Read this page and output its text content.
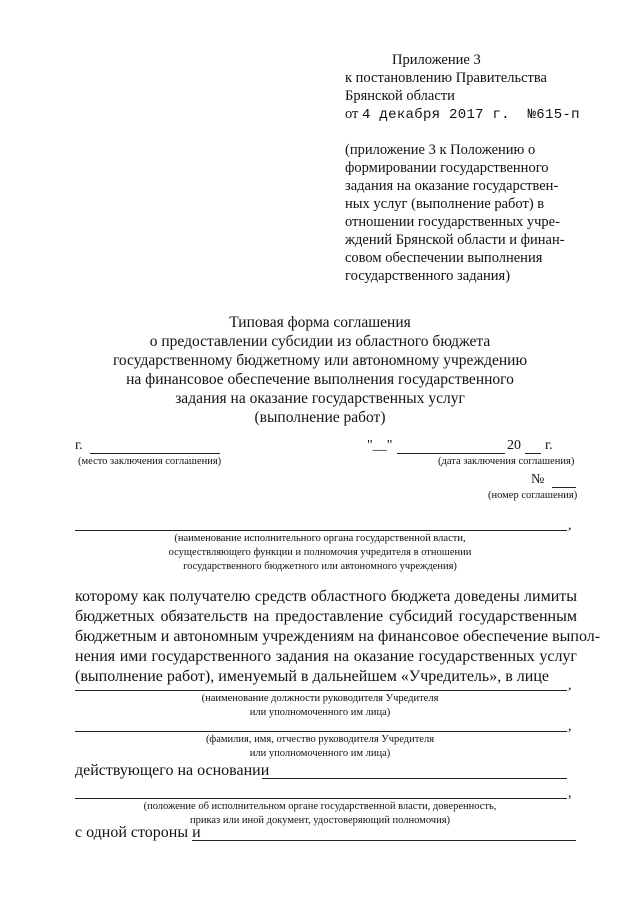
Приложение 3
к постановлению Правительства
Брянской области
от 4 декабря 2017 г. №615-п
(приложение 3 к Положению о
формировании государственного
задания на оказание государствен-
ных услуг (выполнение работ) в
отношении государственных учре-
ждений Брянской области и финан-
совом обеспечении выполнения
государственного задания)
Типовая форма соглашения
о предоставлении субсидии из областного бюджета
государственному бюджетному или автономному учреждению
на финансовое обеспечение выполнения государственного
задания на оказание государственных услуг
(выполнение работ)
г.
(место заключения соглашения)
"__"	20 г.
(дата заключения соглашения)
№
(номер соглашения)
,
(наименование исполнительного органа государственной власти,
осуществляющего функции и полномочия учредителя в отношении
государственного бюджетного или автономного учреждения)
которому как получателю средств областного бюджета доведены лимиты
бюджетных обязательств на предоставление субсидий государственным
бюджетным и автономным учреждениям на финансовое обеспечение выпол-
нения ими государственного задания на оказание государственных услуг
(выполнение работ), именуемый в дальнейшем «Учредитель», в лице
,
(наименование должности руководителя Учредителя
или уполномоченного им лица)
,
(фамилия, имя, отчество руководителя Учредителя
или уполномоченного им лица)
действующего на основании
,
(положение об исполнительном органе государственной власти, доверенность,
приказ или иной документ, удостоверяющий полномочия)
с одной стороны и
